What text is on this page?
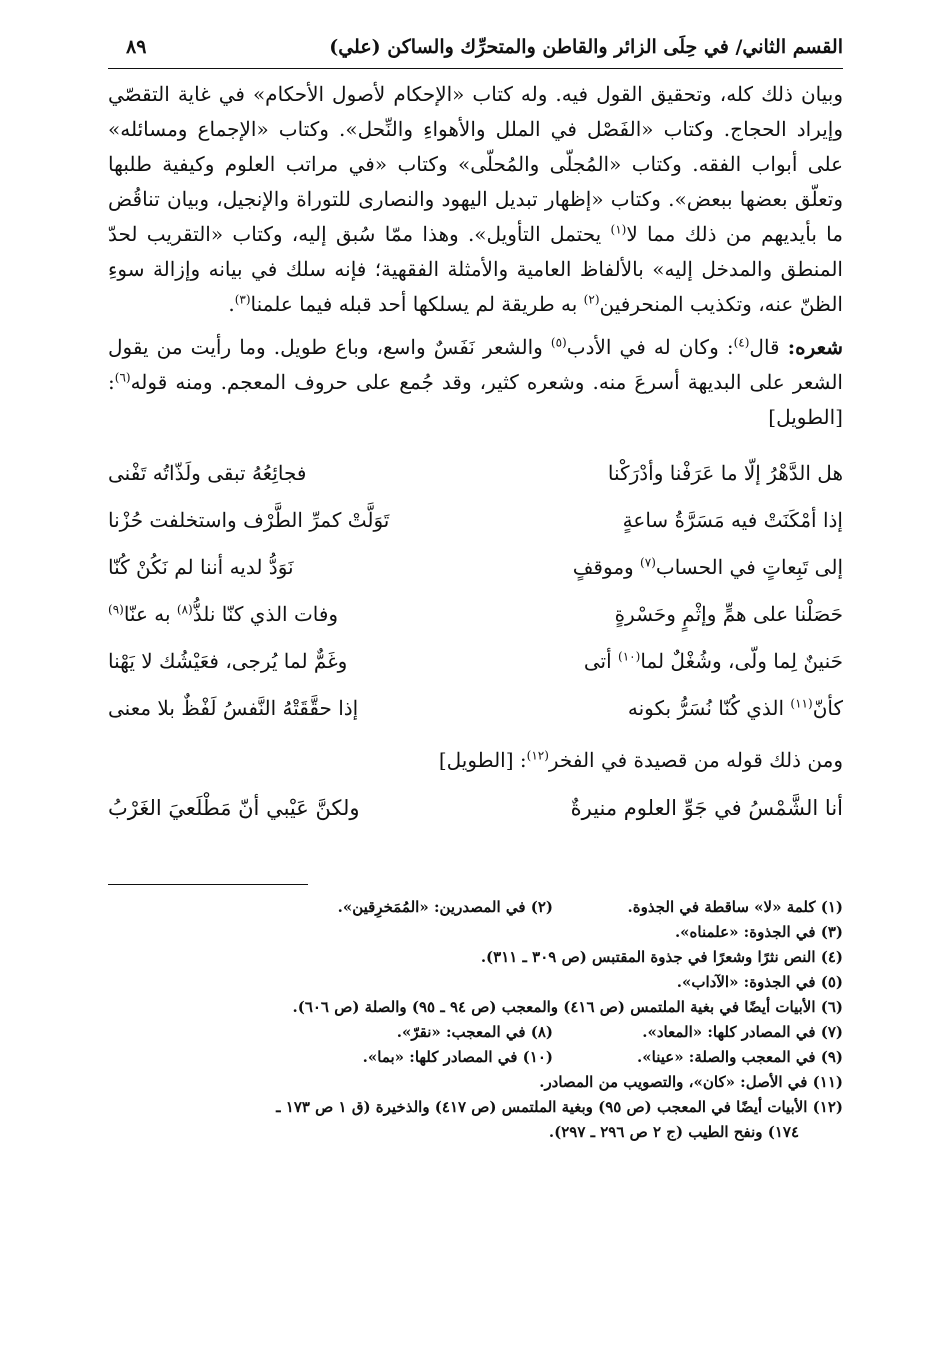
القسم الثاني/ في حِلَى الزائر والقاطن والمتحرِّك والساكن (علي)
٨٩

وبيان ذلك كله، وتحقيق القول فيه. وله كتاب «الإحكام لأصول الأحكام» في غاية التقصّي وإيراد الحجاج. وكتاب «الفَصْل في الملل والأهواءِ والنِّحل». وكتاب «الإجماع ومسائله» على أبواب الفقه. وكتاب «المُجلّى والمُحلّى» وكتاب «في مراتب العلوم وكيفية طلبها وتعلّق بعضها ببعض». وكتاب «إظهار تبديل اليهود والنصارى للتوراة والإنجيل، وبيان تناقُض ما بأيديهم من ذلك مما لا$^{(١)}$ يحتمل التأويل». وهذا ممّا سُبق إليه، وكتاب «التقريب لحدّ المنطق والمدخل إليه» بالألفاظ العامية والأمثلة الفقهية؛ فإنه سلك في بيانه وإزالة سوءِ الظنّ عنه، وتكذيب المنحرفين$^{(٢)}$ به طريقة لم يسلكها أحد قبله فيما علمنا$^{(٣)}$.

شعره: قال$^{(٤)}$: وكان له في الأدب$^{(٥)}$ والشعر نَفَسٌ واسع، وباع طويل. وما رأيت من يقول الشعر على البديهة أسرعَ منه. وشعره كثير، وقد جُمع على حروف المعجم. ومنه قوله$^{(٦)}$: [الطويل]

هل الدَّهْرُ إلّا ما عَرَفْنا وأدْرَكْنا
فجائِعُهُ تبقى ولَذّاتُه تَفْنى
إذا أمْكَنَتْ فيه مَسَرَّةُ ساعةٍ
تَوَلَّتْ كمرِّ الطَّرْف واستخلفت حُزْنا
إلى تَبِعاتٍ في الحساب$^{(٧)}$ وموقفٍ
نَوَدُّ لديه أننا لم نَكُنْ كُنّا
حَصَلْنا على همٍّ وإثْمٍ وحَسْرةٍ
وفات الذي كنّا نلذُّ$^{(٨)}$ به عنّا$^{(٩)}$
حَنينٌ لِما ولّى، وشُغْلٌ لما$^{(١٠)}$ أتى
وغَمٌّ لما يُرجى، فعَيْشُك لا يَهْنا
كأنّ$^{(١١)}$ الذي كُنّا نُسَرُّ بكونه
إذا حقَّقَتْهُ النَّفسُ لَفْظٌ بلا معنى
ومن ذلك قوله من قصيدة في الفخر$^{(١٢)}$: [الطويل]
أنا الشَّمْسُ في جَوِّ العلوم منيرةٌ
ولكنَّ عَيْبي أنّ مَطْلَعيَ الغَرْبُ
(١) كلمة «لا» ساقطة في الجذوة.
(٢) في المصدرين: «المُمَخرِقين».
(٣) في الجذوة: «علمناه».
(٤) النص نثرًا وشعرًا في جذوة المقتبس (ص ٣٠٩ ـ ٣١١).
(٥) في الجذوة: «الآداب».
(٦) الأبيات أيضًا في بغية الملتمس (ص ٤١٦) والمعجب (ص ٩٤ ـ ٩٥) والصلة (ص ٦٠٦).
(٧) في المصادر كلها: «المعاد».
(٨) في المعجب: «نقرّ».
(٩) في المعجب والصلة: «عينا».
(١٠) في المصادر كلها: «بما».
(١١) في الأصل: «كان»، والتصويب من المصادر.
(١٢) الأبيات أيضًا في المعجب (ص ٩٥) وبغية الملتمس (ص ٤١٧) والذخيرة (ق ١ ص ١٧٣ ـ
١٧٤) ونفح الطيب (ج ٢ ص ٢٩٦ ـ ٢٩٧).
